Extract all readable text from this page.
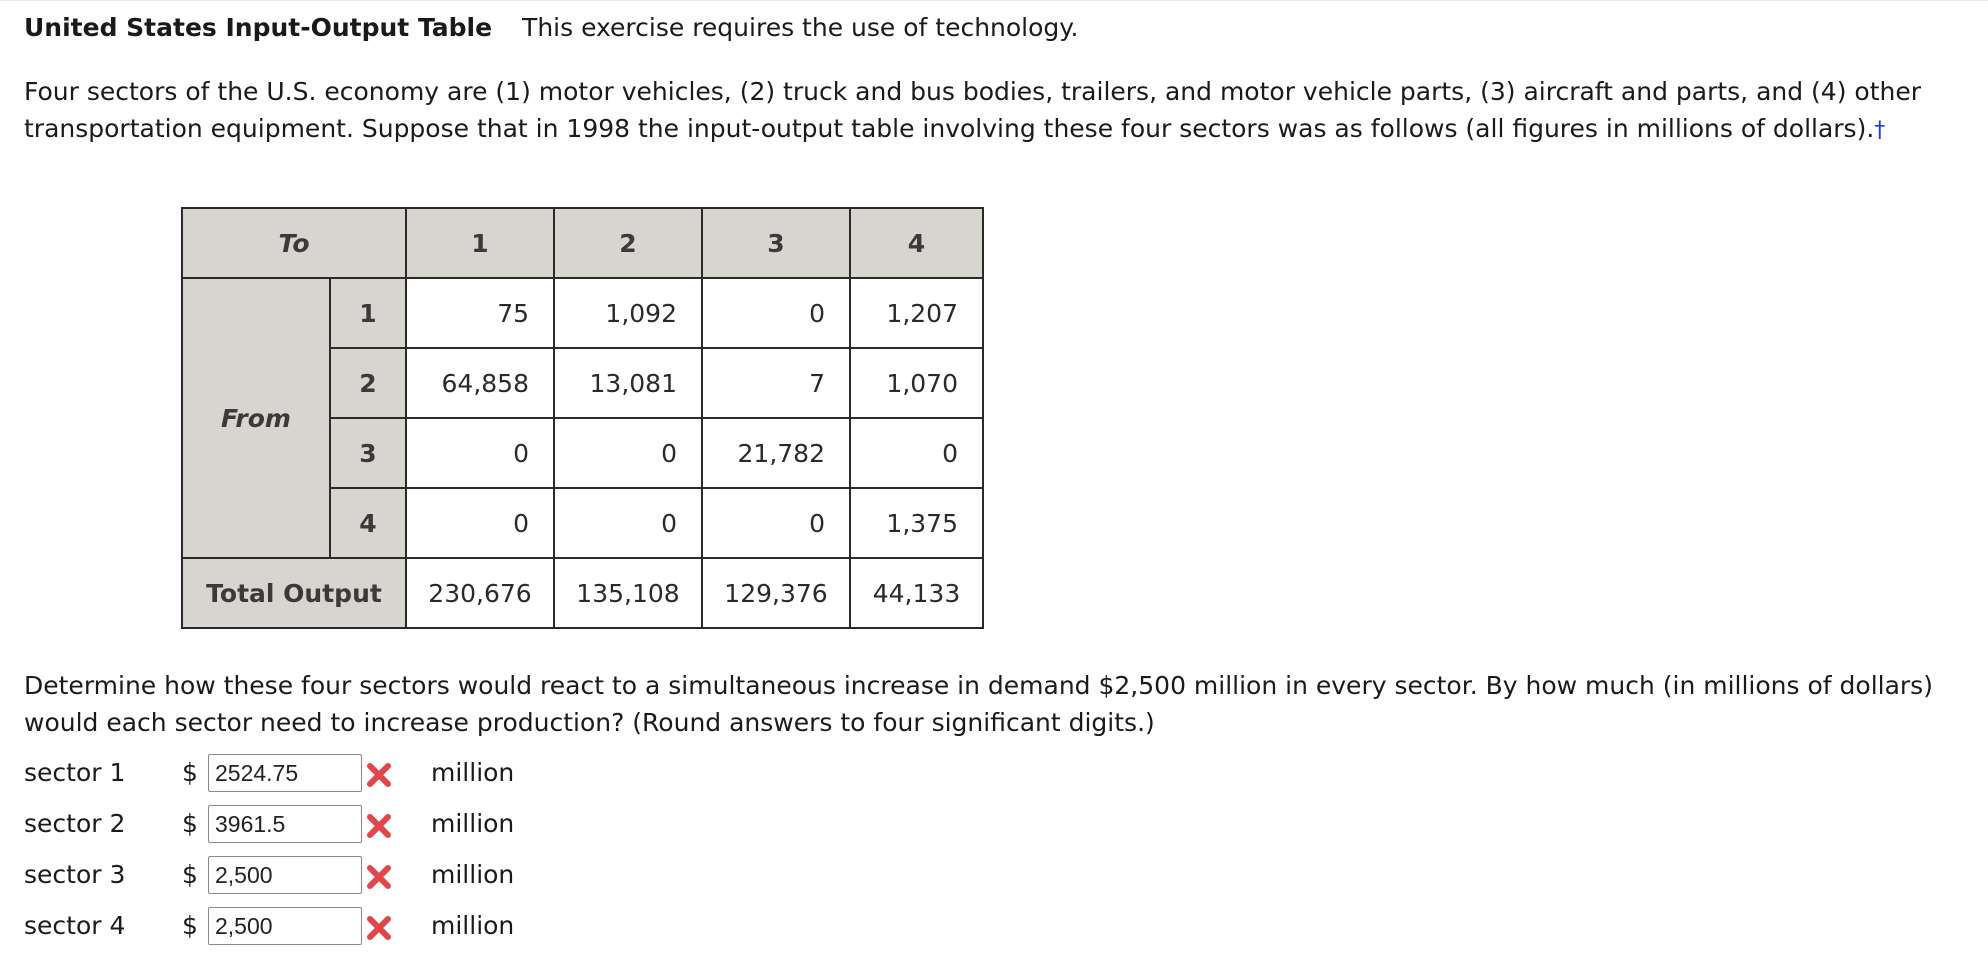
United States Input-Output Table This exercise requires the use of technology.
Four sectors of the U.S. economy are (1) motor vehicles, (2) truck and bus bodies, trailers, and motor vehicle parts, (3) aircraft and parts, and (4) other transportation equipment. Suppose that in 1998 the input-output table involving these four sectors was as follows (all figures in millions of dollars).†
To		1	2	3	4
From	1	75	1,092	0	1,207
	2	64,858	13,081	7	1,070
	3	0	0	21,782	0
	4	0	0	0	1,375
Total Output		230,676	135,108	129,376	44,133
Determine how these four sectors would react to a simultaneous increase in demand $2,500 million in every sector. By how much (in millions of dollars) would each sector need to increase production? (Round answers to four significant digits.)
sector 1 $
2524.75	million
sector 2 $
3961.5	million
sector 3 $
2,500	million
sector 4 $
2,500	million
